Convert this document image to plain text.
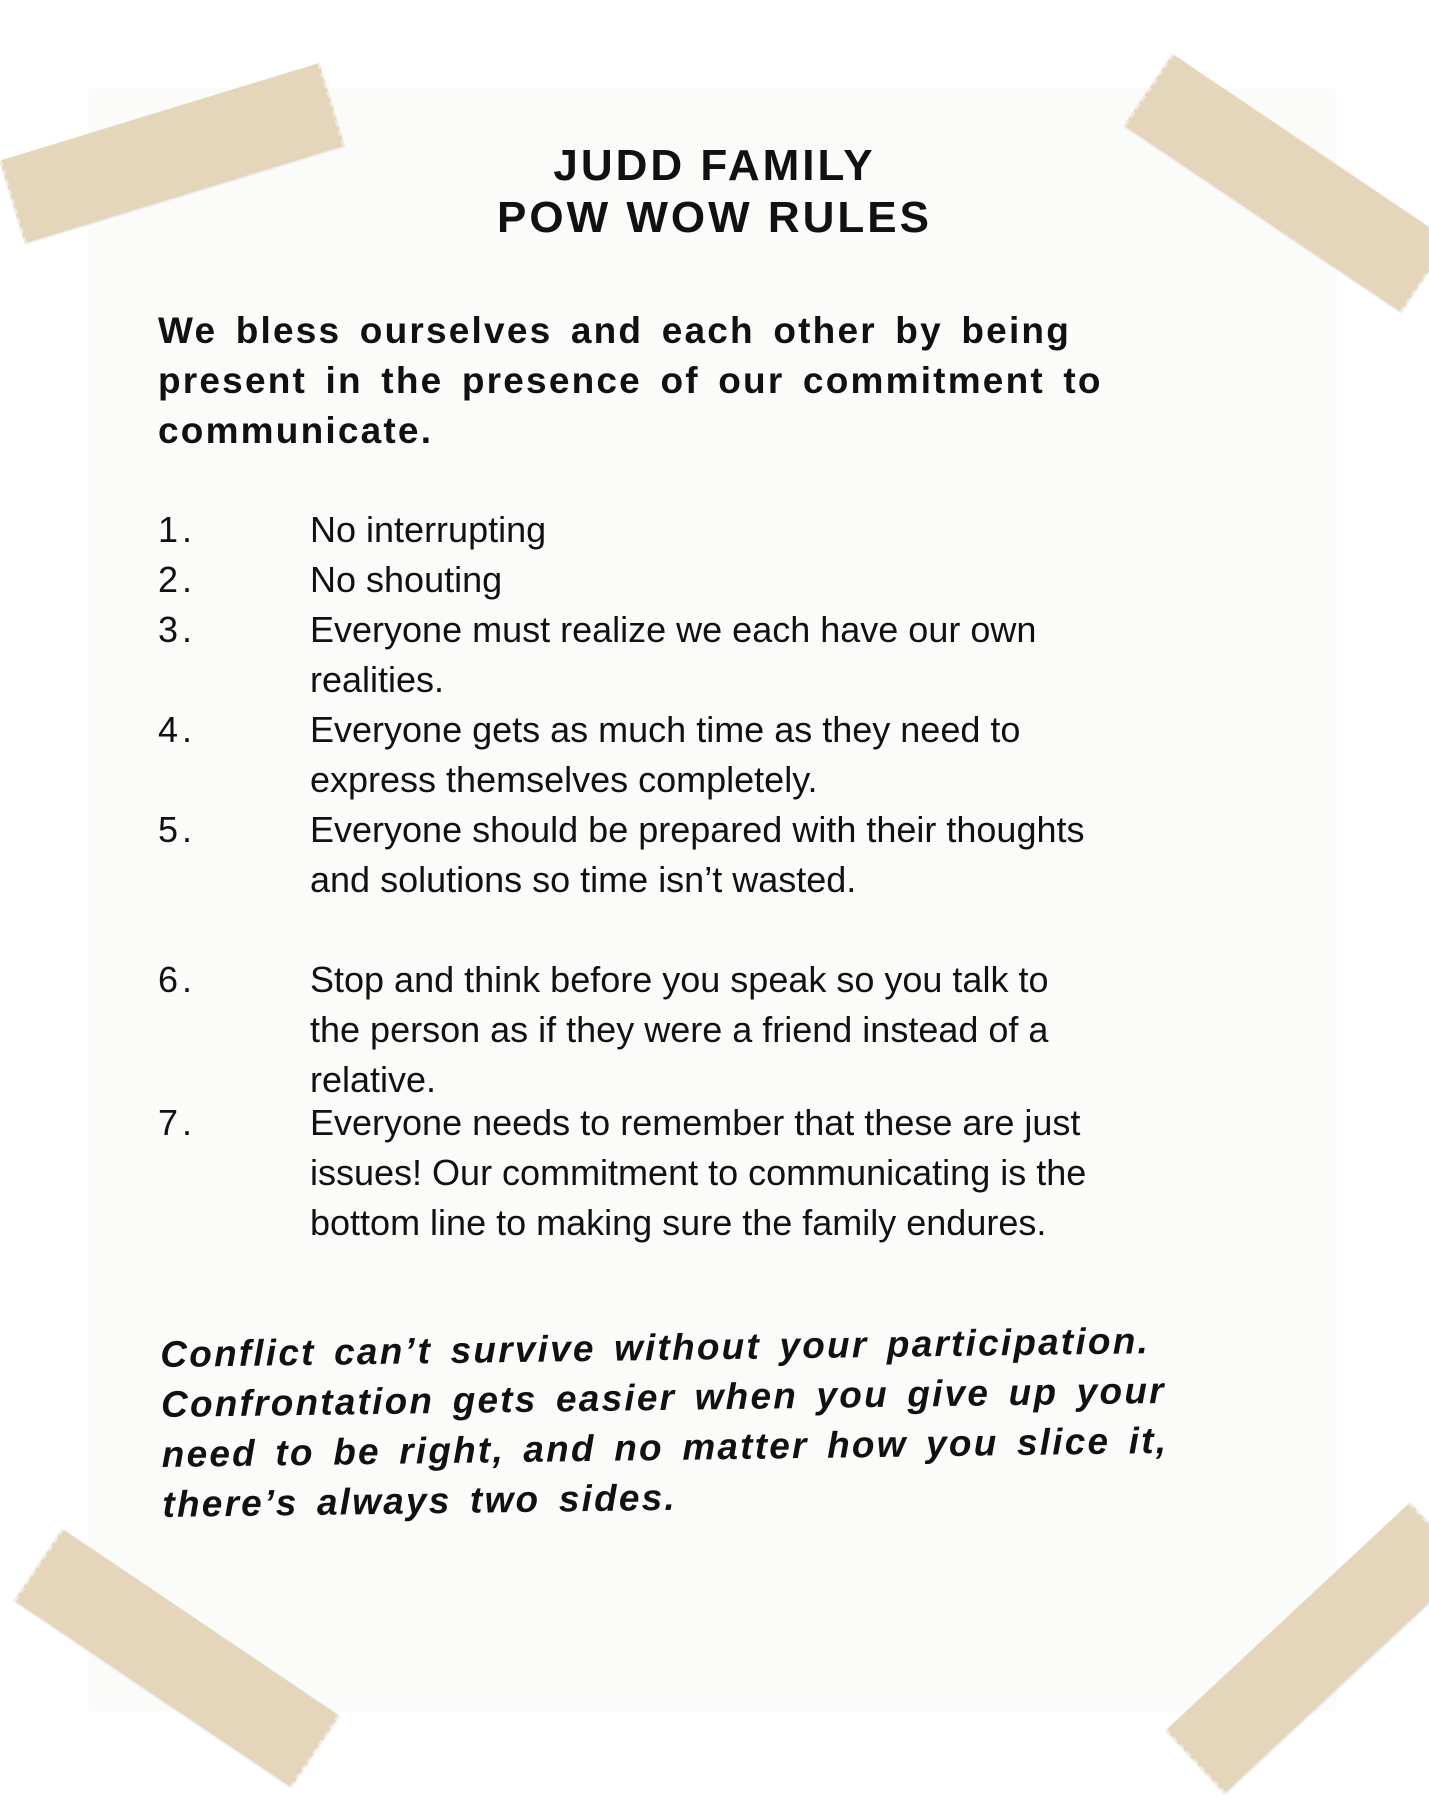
JUDD FAMILY
POW WOW RULES
We bless ourselves and each other by being present in the presence of our commitment to communicate.
1.	No interrupting
2.	No shouting
3.	Everyone must realize we each have our own realities.
4.	Everyone gets as much time as they need to express themselves completely.
5.	Everyone should be prepared with their thoughts and solutions so time isn’t wasted.
6.	Stop and think before you speak so you talk to the person as if they were a friend instead of a relative.
7.	Everyone needs to remember that these are just issues! Our commitment to communicating is the bottom line to making sure the family endures.
Conflict can’t survive without your participation. Confrontation gets easier when you give up your need to be right, and no matter how you slice it, there’s always two sides.
